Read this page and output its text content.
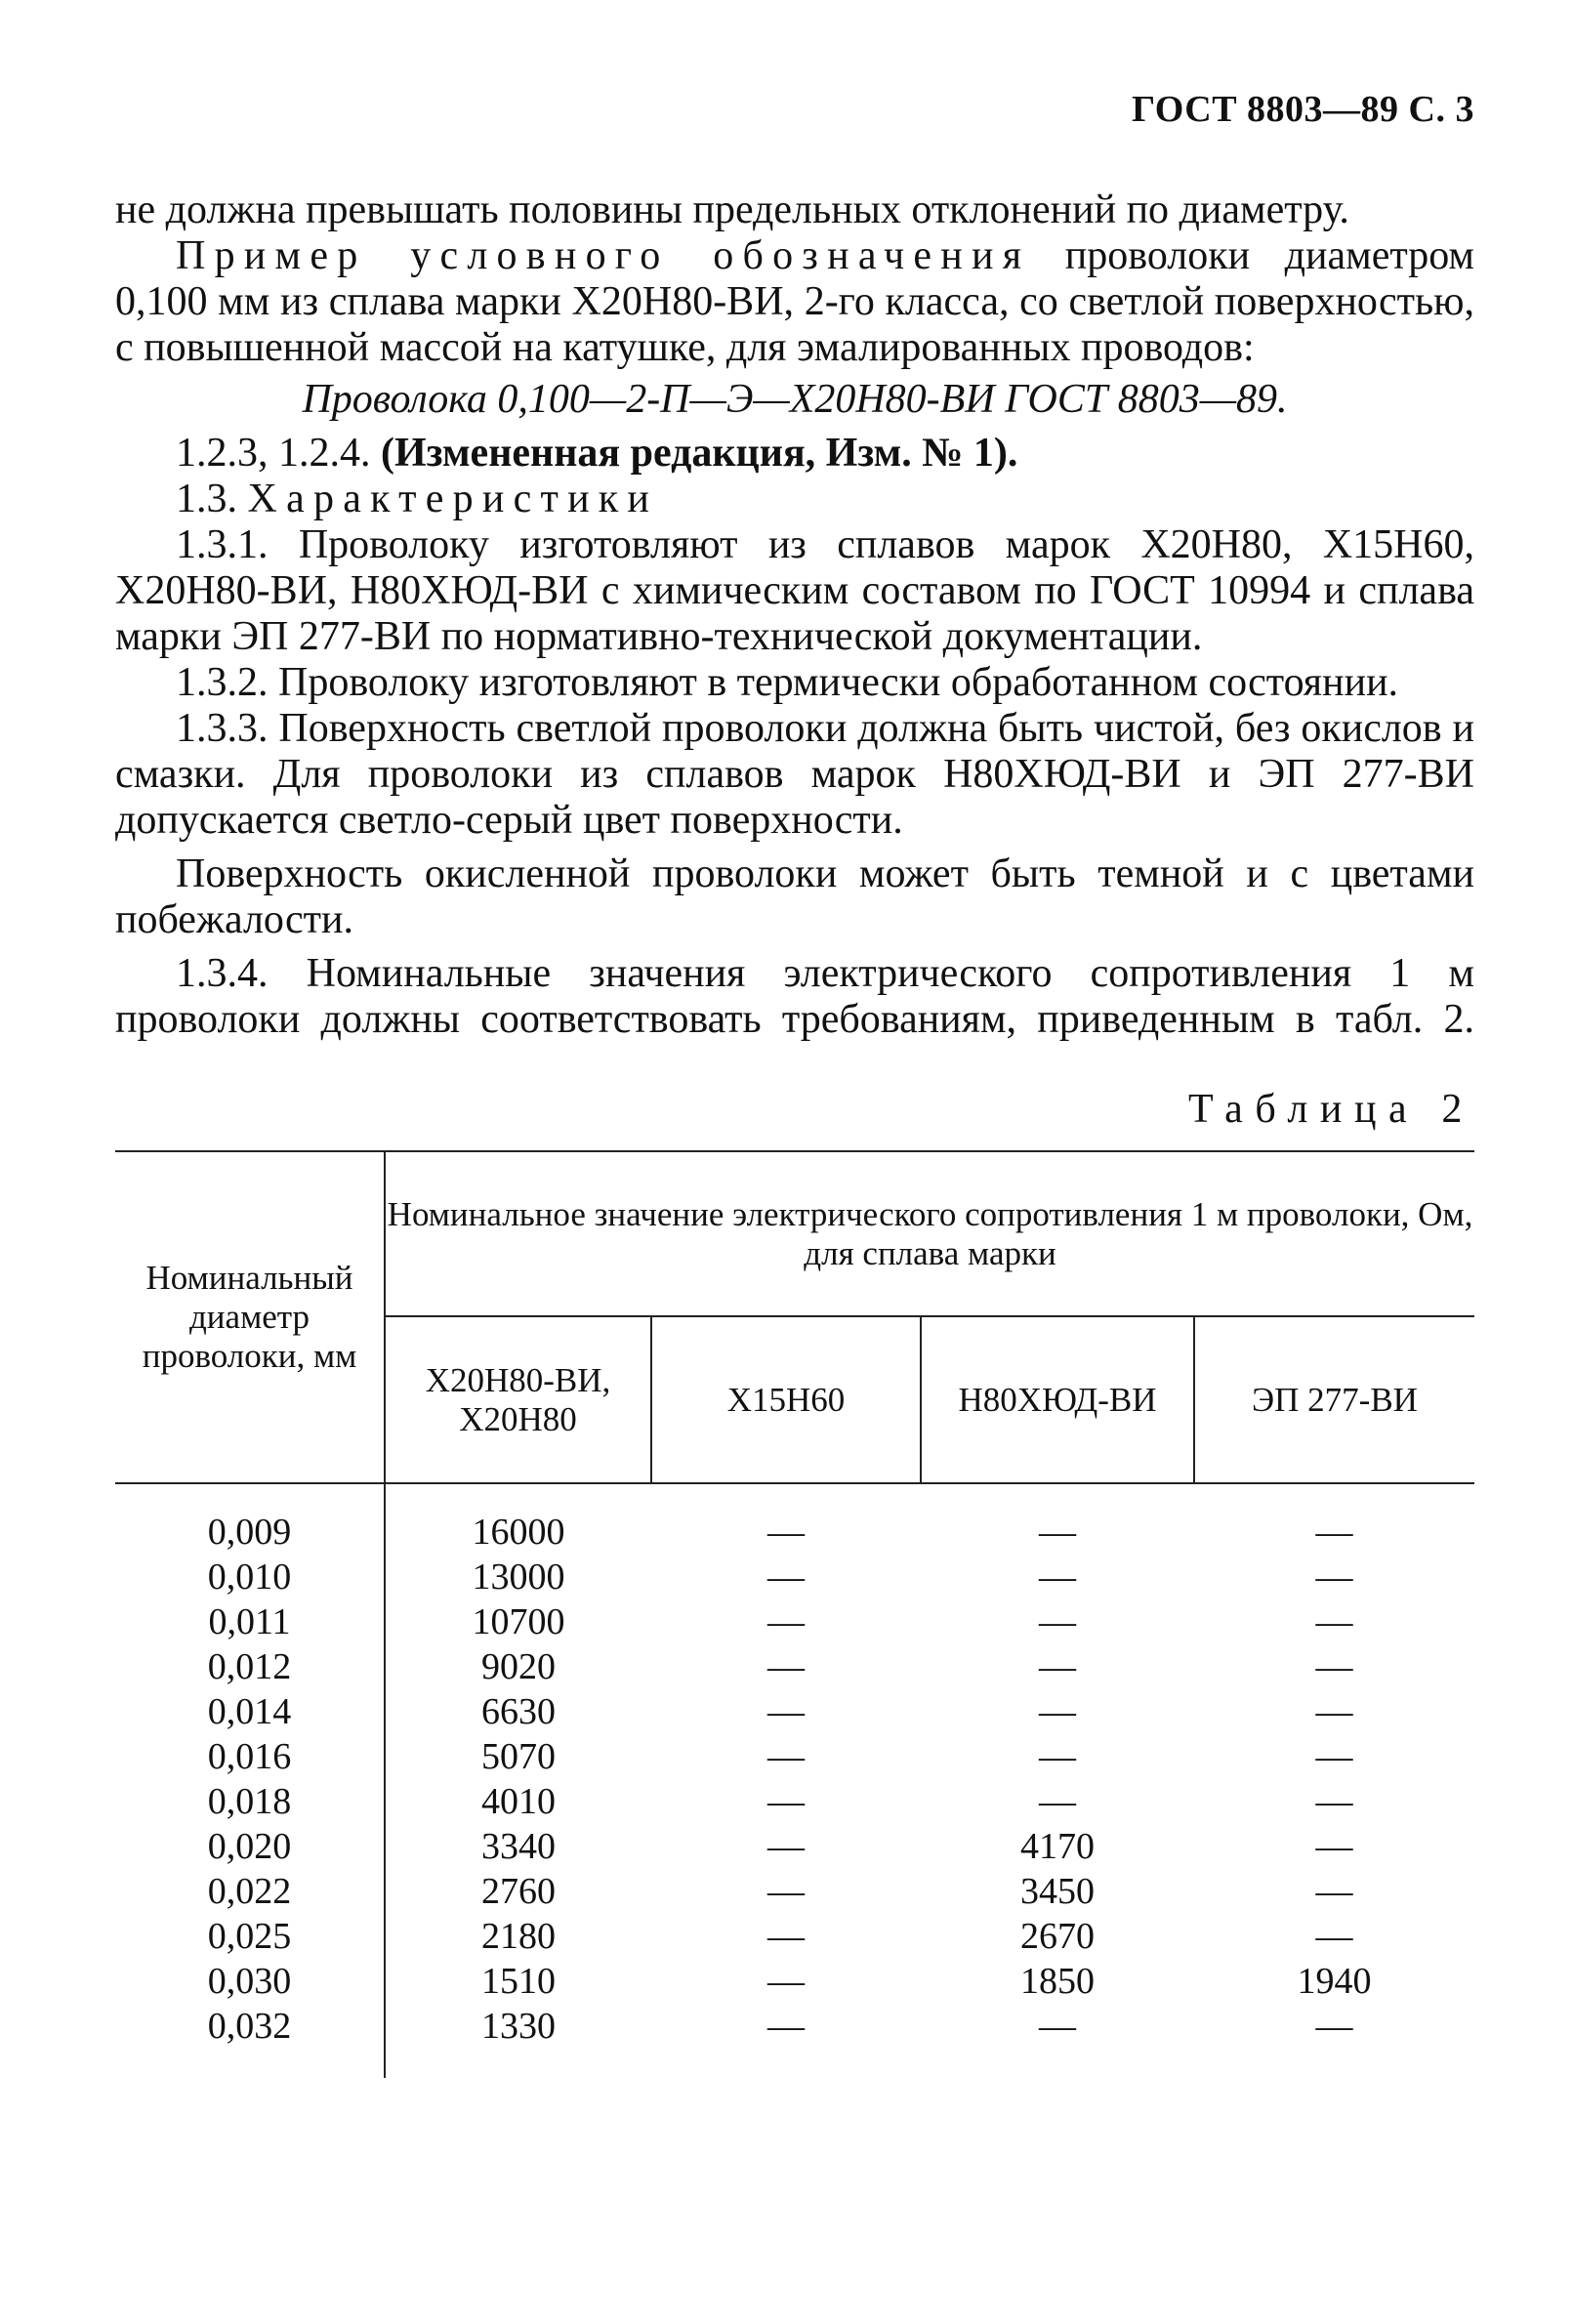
ГОСТ 8803—89 С. 3

не должна превышать половины предельных отклонений по диаметру.

Пример условного обозначения проволоки диаметром 0,100 мм из сплава марки Х20Н80-ВИ, 2-го класса, со светлой поверхностью, с повышенной массой на катушке, для эмалированных проводов:

Проволока 0,100—2-П—Э—Х20Н80-ВИ ГОСТ 8803—89.

1.2.3, 1.2.4. (Измененная редакция, Изм. № 1).

1.3. Характеристики

1.3.1. Проволоку изготовляют из сплавов марок Х20Н80, Х15Н60, Х20Н80-ВИ, Н80ХЮД-ВИ с химическим составом по ГОСТ 10994 и сплава марки ЭП 277-ВИ по нормативно-технической документации.

1.3.2. Проволоку изготовляют в термически обработанном состоянии.

1.3.3. Поверхность светлой проволоки должна быть чистой, без окислов и смазки. Для проволоки из сплавов марок Н80ХЮД-ВИ и ЭП 277-ВИ допускается светло-серый цвет поверхности.

Поверхность окисленной проволоки может быть темной и с цветами побежалости.

1.3.4. Номинальные значения электрического сопротивления 1 м проволоки должны соответствовать требованиям, приведенным в табл. 2.

Таблица 2
Номинальный диаметр проволоки, мм	Номинальное значение электрического сопротивления 1 м проволоки, Ом, для сплава марки			
	Х20Н80-ВИ, Х20Н80	Х15Н60	Н80ХЮД-ВИ	ЭП 277-ВИ
0,009	16000	—	—	—
0,010	13000	—	—	—
0,011	10700	—	—	—
0,012	9020	—	—	—
0,014	6630	—	—	—
0,016	5070	—	—	—
0,018	4010	—	—	—
0,020	3340	—	4170	—
0,022	2760	—	3450	—
0,025	2180	—	2670	—
0,030	1510	—	1850	1940
0,032	1330	—	—	—
